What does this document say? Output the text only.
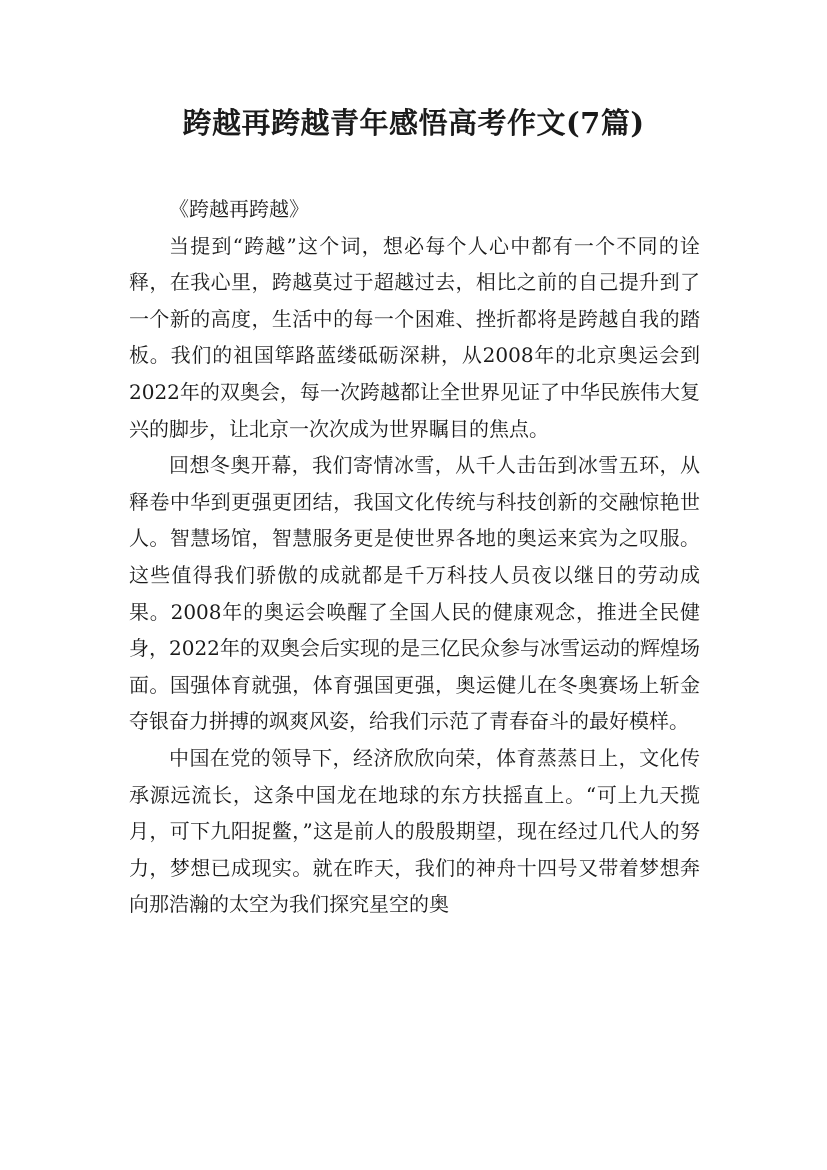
跨越再跨越青年感悟高考作文(7篇)

《跨越再跨越》

当提到“跨越”这个词，想必每个人心中都有一个不同的诠释，在我心里，跨越莫过于超越过去，相比之前的自己提升到了一个新的高度，生活中的每一个困难、挫折都将是跨越自我的踏板。我们的祖国筚路蓝缕砥砺深耕，从2008年的北京奥运会到2022年的双奥会，每一次跨越都让全世界见证了中华民族伟大复兴的脚步，让北京一次次成为世界瞩目的焦点。

回想冬奥开幕，我们寄情冰雪，从千人击缶到冰雪五环，从释卷中华到更强更团结，我国文化传统与科技创新的交融惊艳世人。智慧场馆，智慧服务更是使世界各地的奥运来宾为之叹服。这些值得我们骄傲的成就都是千万科技人员夜以继日的劳动成果。2008年的奥运会唤醒了全国人民的健康观念，推进全民健身，2022年的双奥会后实现的是三亿民众参与冰雪运动的辉煌场面。国强体育就强，体育强国更强，奥运健儿在冬奥赛场上斩金夺银奋力拼搏的飒爽风姿，给我们示范了青春奋斗的最好模样。

中国在党的领导下，经济欣欣向荣，体育蒸蒸日上，文化传承源远流长，这条中国龙在地球的东方扶摇直上。“可上九天揽月，可下九阳捉鳖，”这是前人的殷殷期望，现在经过几代人的努力，梦想已成现实。就在昨天，我们的神舟十四号又带着梦想奔向那浩瀚的太空为我们探究星空的奥
